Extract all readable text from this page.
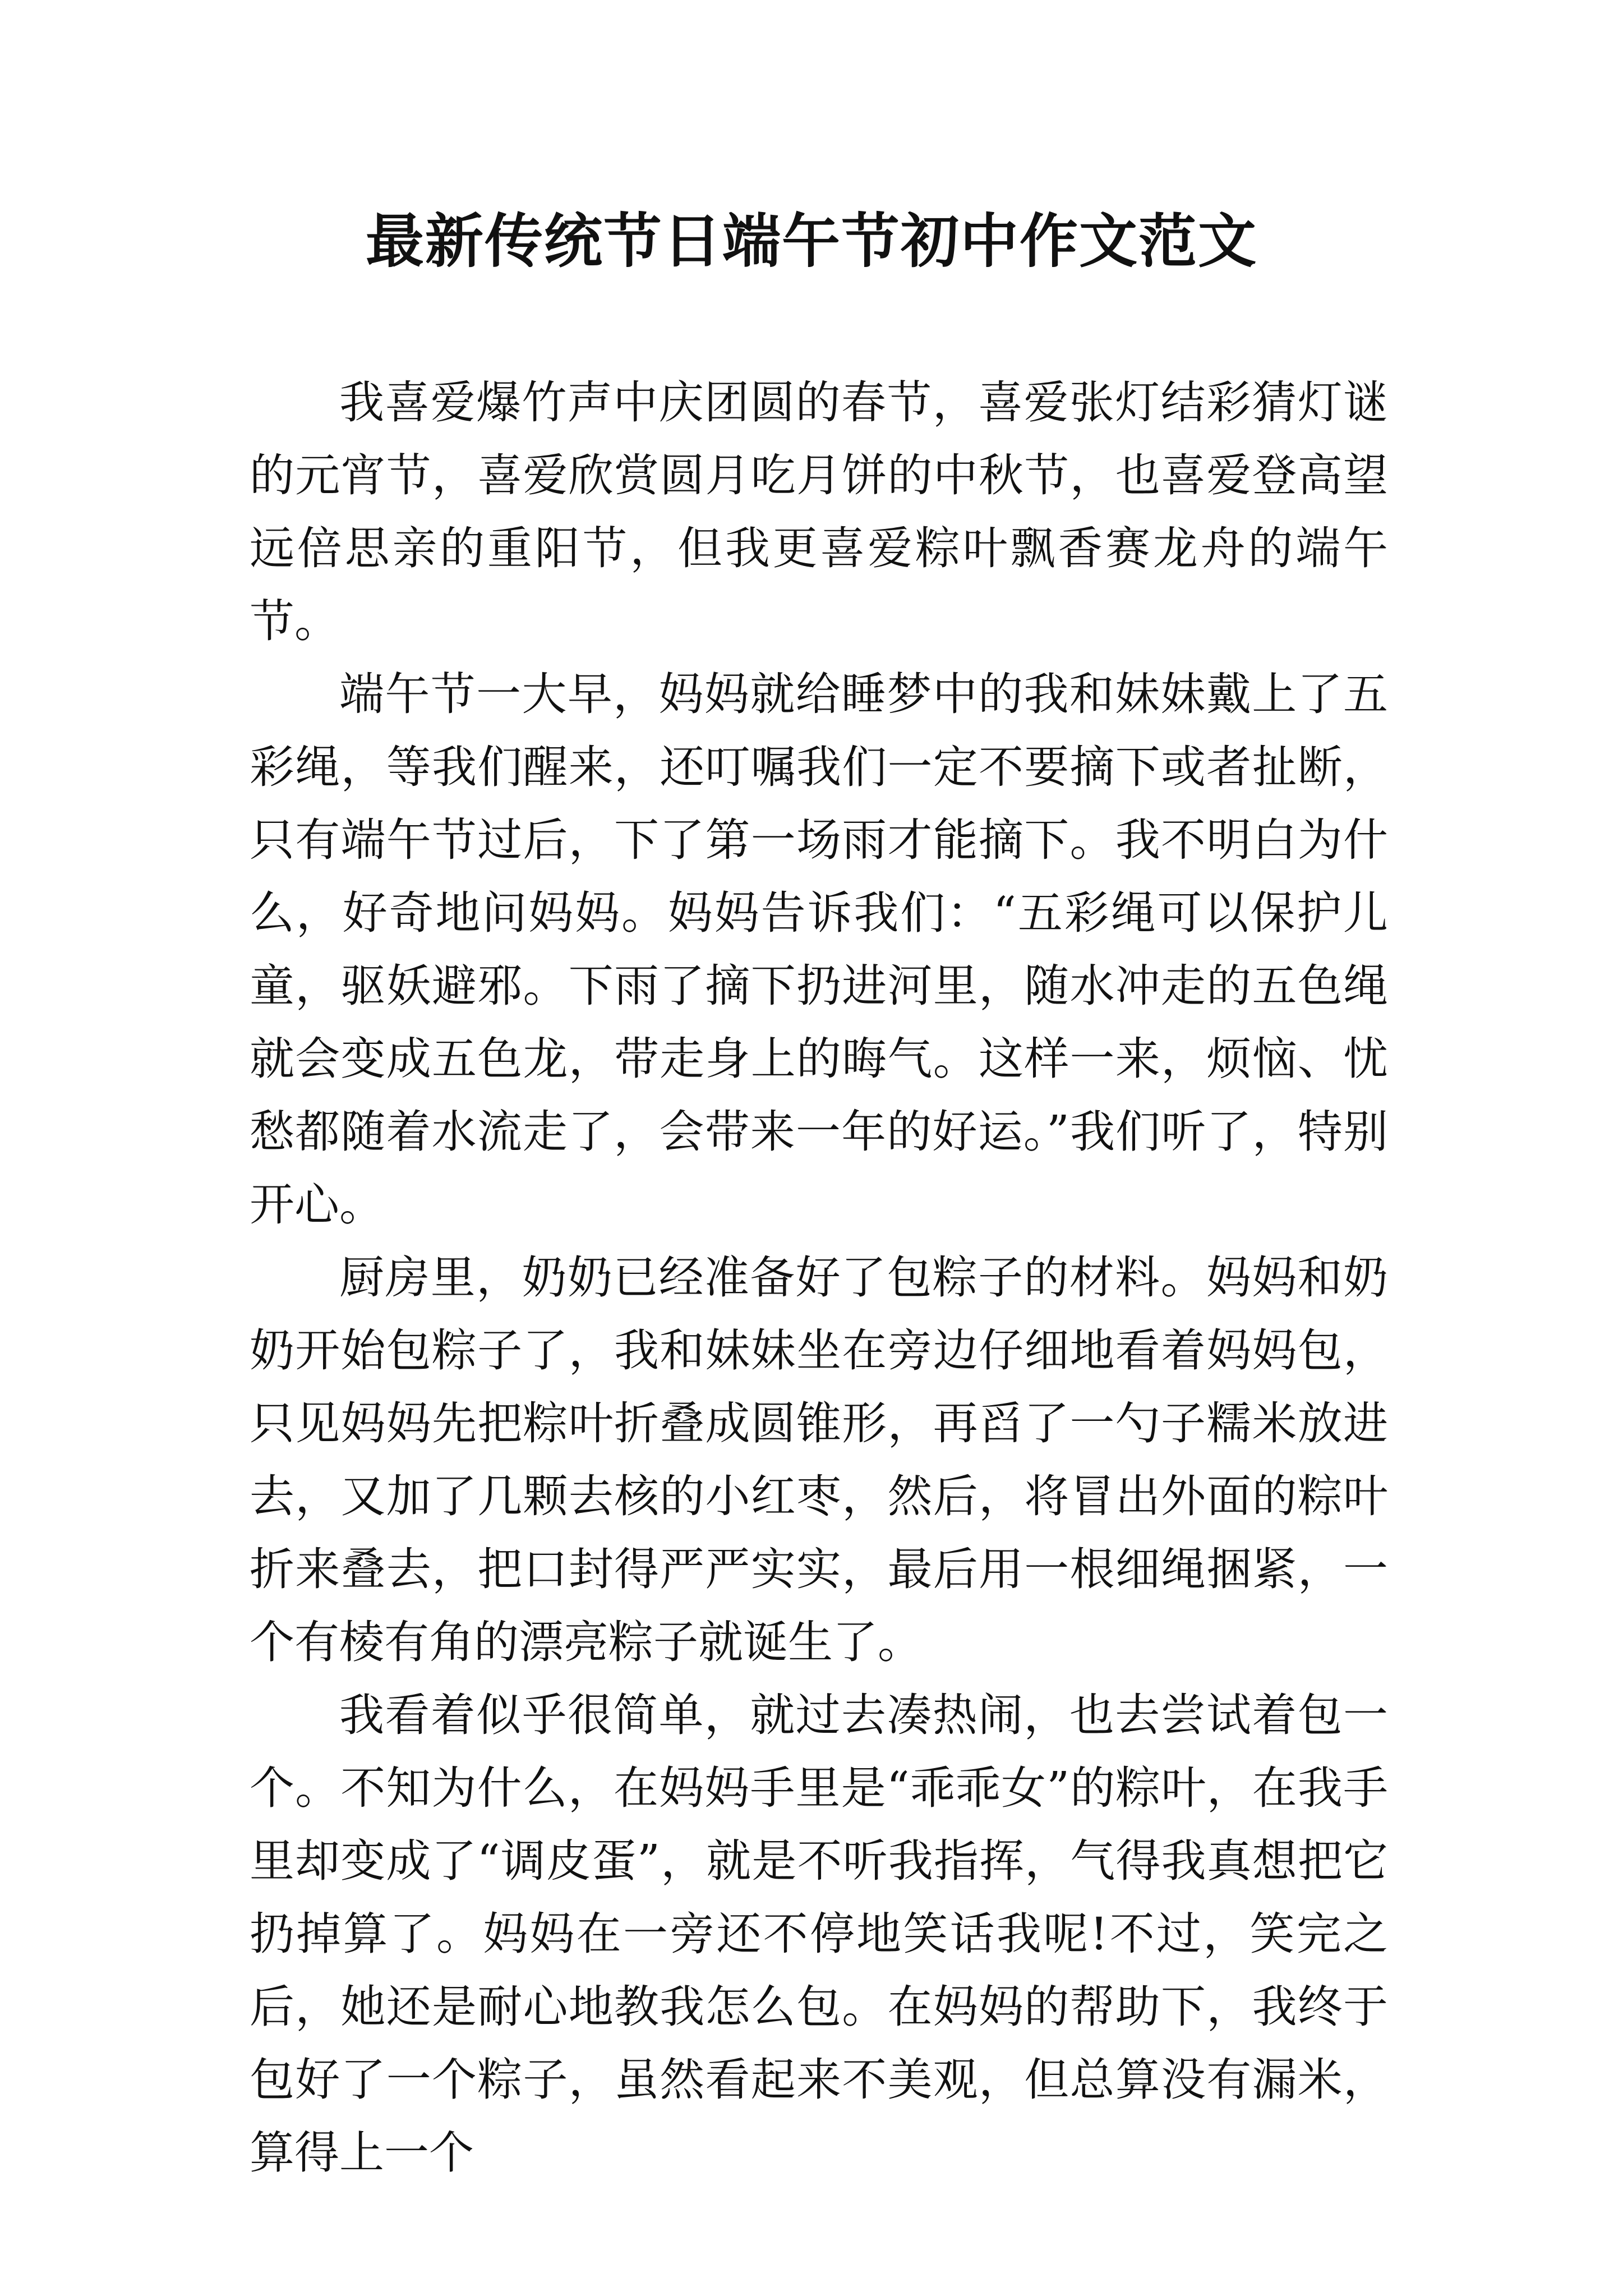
最新传统节日端午节初中作文范文

我喜爱爆竹声中庆团圆的春节，喜爱张灯结彩猜灯谜的元宵节，喜爱欣赏圆月吃月饼的中秋节，也喜爱登高望远倍思亲的重阳节，但我更喜爱粽叶飘香赛龙舟的端午节。

端午节一大早，妈妈就给睡梦中的我和妹妹戴上了五彩绳，等我们醒来，还叮嘱我们一定不要摘下或者扯断，只有端午节过后，下了第一场雨才能摘下。我不明白为什么，好奇地问妈妈。妈妈告诉我们：“五彩绳可以保护儿童，驱妖避邪。下雨了摘下扔进河里，随水冲走的五色绳就会变成五色龙，带走身上的晦气。这样一来，烦恼、忧愁都随着水流走了，会带来一年的好运。”我们听了，特别开心。

厨房里，奶奶已经准备好了包粽子的材料。妈妈和奶奶开始包粽子了，我和妹妹坐在旁边仔细地看着妈妈包，只见妈妈先把粽叶折叠成圆锥形，再舀了一勺子糯米放进去，又加了几颗去核的小红枣，然后，将冒出外面的粽叶折来叠去，把口封得严严实实，最后用一根细绳捆紧，一个有棱有角的漂亮粽子就诞生了。

我看着似乎很简单，就过去凑热闹，也去尝试着包一个。不知为什么，在妈妈手里是“乖乖女”的粽叶，在我手里却变成了“调皮蛋”，就是不听我指挥，气得我真想把它扔掉算了。妈妈在一旁还不停地笑话我呢!不过，笑完之后，她还是耐心地教我怎么包。在妈妈的帮助下，我终于包好了一个粽子，虽然看起来不美观，但总算没有漏米，算得上一个
